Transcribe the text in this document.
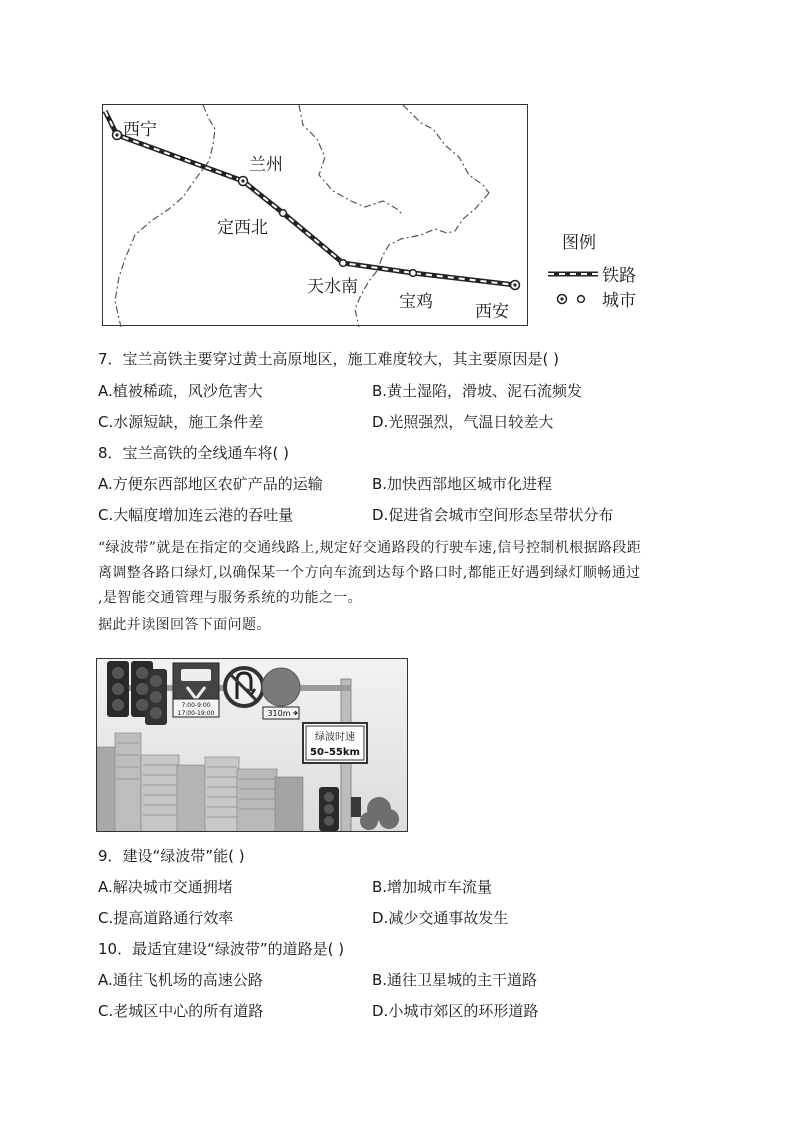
西宁
兰州
定西北
天水南
宝鸡 西安
图例
铁路
城市
7．宝兰高铁主要穿过黄土高原地区，施工难度较大，其主要原因是( )
A.植被稀疏，风沙危害大	B.黄土湿陷，滑坡、泥石流频发
C.水源短缺，施工条件差	D.光照强烈，气温日较差大
8．宝兰高铁的全线通车将( )
A.方便东西部地区农矿产品的运输	B.加快西部地区城市化进程
C.大幅度增加连云港的吞吐量	D.促进省会城市空间形态呈带状分布
“绿波带”就是在指定的交通线路上,规定好交通路段的行驶车速,信号控制机根据路段距
离调整各路口绿灯,以确保某一个方向车流到达每个路口时,都能正好遇到绿灯顺畅通过
,是智能交通管理与服务系统的功能之一。
据此并读图回答下面问题。
7:00-9:00
17:00-19:00	310m
绿波时速
50–55km
9．建设“绿波带”能( )
A.解决城市交通拥堵	B.增加城市车流量
C.提高道路通行效率	D.减少交通事故发生
10．最适宜建设“绿波带”的道路是( )
A.通往飞机场的高速公路	B.通往卫星城的主干道路
C.老城区中心的所有道路	D.小城市郊区的环形道路
